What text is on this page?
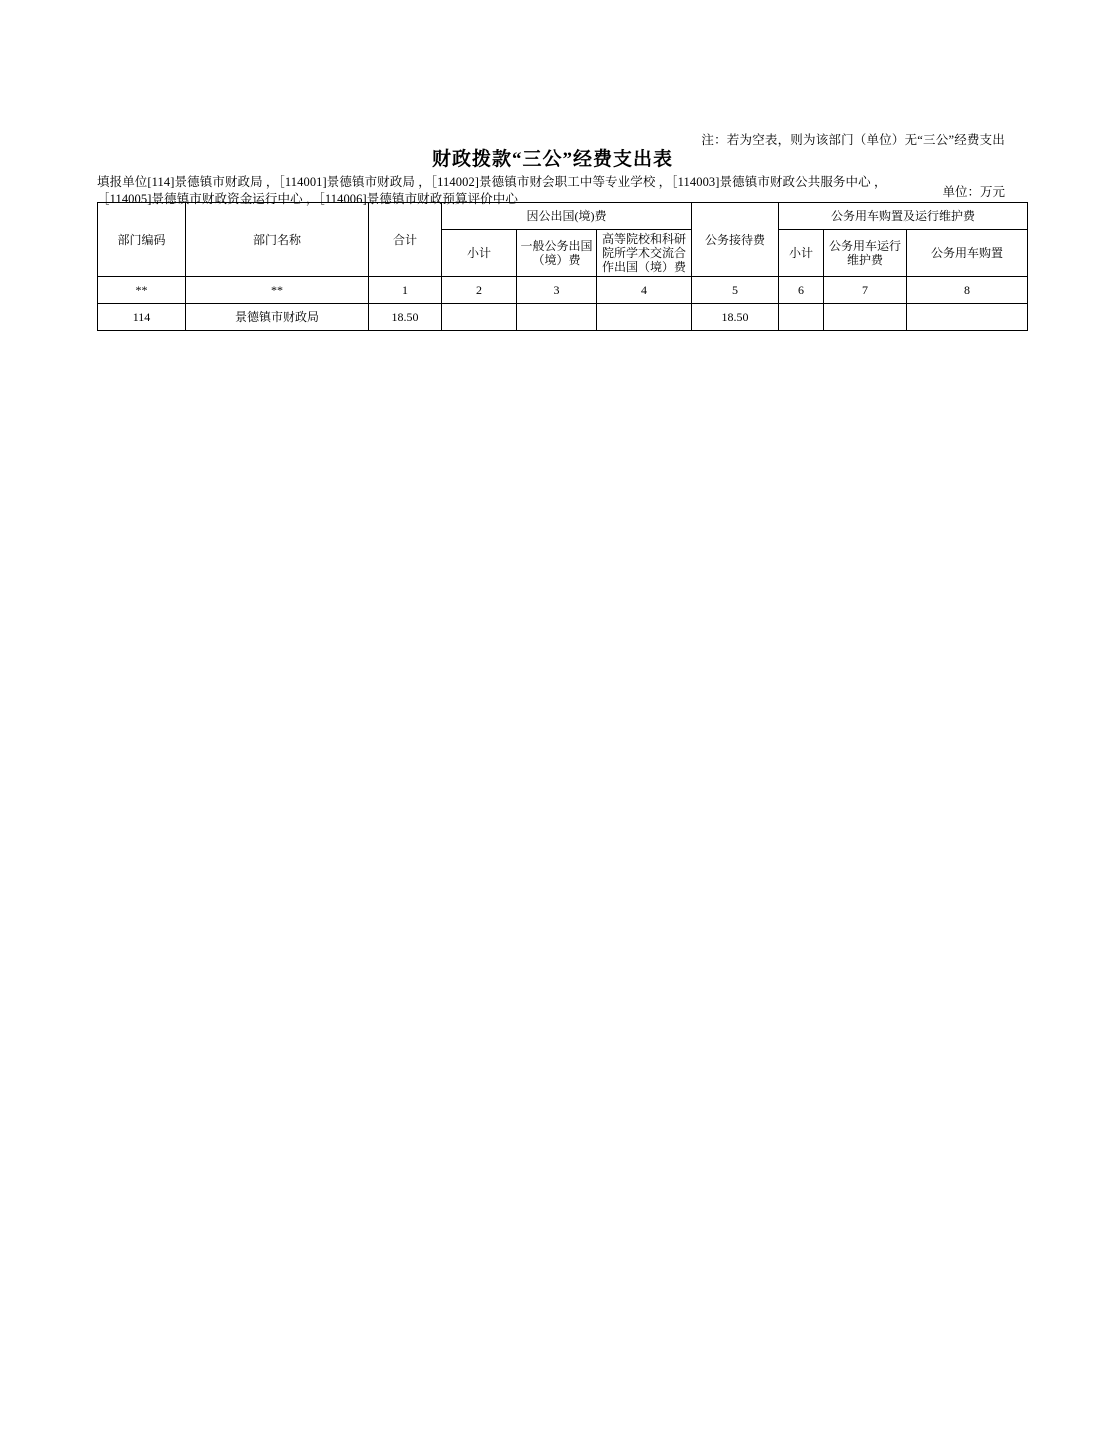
注：若为空表，则为该部门（单位）无“三公”经费支出
财政拨款“三公”经费支出表
填报单位[114]景德镇市财政局 ，［114001]景德镇市财政局 ，［114002]景德镇市财会职工中等专业学校 ，［114003]景德镇市财政公共服务中心 ，［114005]景德镇市财政资金运行中心 ，［114006]景德镇市财政预算评价中心	单位：万元
部门编码	部门名称	合计	因公出国(境)费			公务接待费	公务用车购置及运行维护费		
			小计	一般公务出国（境）费	高等院校和科研院所学术交流合作出国（境）费		小计	公务用车运行维护费	公务用车购置
**	**	1	2	3	4	5	6	7	8
114	景德镇市财政局	18.50				18.50			
